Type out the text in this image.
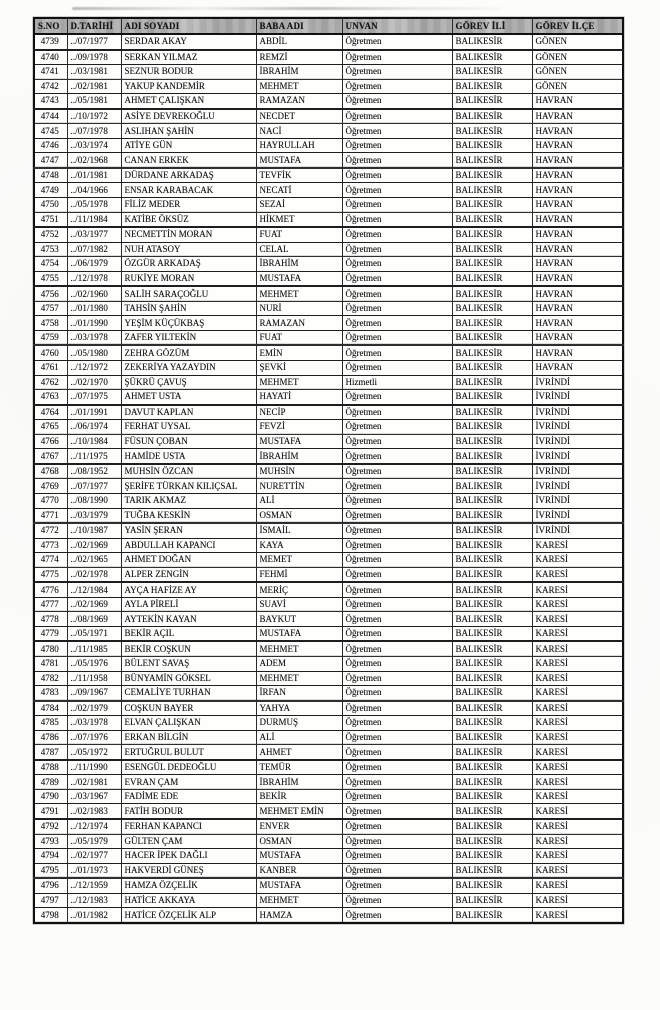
S.NO	D.TARİHİ	ADI SOYADI	BABA ADI	UNVAN	GÖREV İLİ	GÖREV İLÇE
4739	../07/1977	SERDAR AKAY	ABDİL	Öğretmen	BALIKESİR	GÖNEN
4740	../09/1978	SERKAN YILMAZ	REMZİ	Öğretmen	BALIKESİR	GÖNEN
4741	../03/1981	SEZNUR BODUR	İBRAHİM	Öğretmen	BALIKESİR	GÖNEN
4742	../02/1981	YAKUP KANDEMİR	MEHMET	Öğretmen	BALIKESİR	GÖNEN
4743	../05/1981	AHMET ÇALIŞKAN	RAMAZAN	Öğretmen	BALIKESİR	HAVRAN
4744	../10/1972	ASİYE DEVREKOĞLU	NECDET	Öğretmen	BALIKESİR	HAVRAN
4745	../07/1978	ASLIHAN ŞAHİN	NACİ	Öğretmen	BALIKESİR	HAVRAN
4746	../03/1974	ATİYE GÜN	HAYRULLAH	Öğretmen	BALIKESİR	HAVRAN
4747	../02/1968	CANAN ERKEK	MUSTAFA	Öğretmen	BALIKESİR	HAVRAN
4748	../01/1981	DÜRDANE ARKADAŞ	TEVFİK	Öğretmen	BALIKESİR	HAVRAN
4749	../04/1966	ENSAR KARABACAK	NECATİ	Öğretmen	BALIKESİR	HAVRAN
4750	../05/1978	FİLİZ MEDER	SEZAİ	Öğretmen	BALIKESİR	HAVRAN
4751	../11/1984	KATİBE ÖKSÜZ	HİKMET	Öğretmen	BALIKESİR	HAVRAN
4752	../03/1977	NECMETTİN MORAN	FUAT	Öğretmen	BALIKESİR	HAVRAN
4753	../07/1982	NUH ATASOY	CELAL	Öğretmen	BALIKESİR	HAVRAN
4754	../06/1979	ÖZGÜR ARKADAŞ	İBRAHİM	Öğretmen	BALIKESİR	HAVRAN
4755	../12/1978	RUKİYE MORAN	MUSTAFA	Öğretmen	BALIKESİR	HAVRAN
4756	../02/1960	SALİH SARAÇOĞLU	MEHMET	Öğretmen	BALIKESİR	HAVRAN
4757	../01/1980	TAHSİN ŞAHİN	NURİ	Öğretmen	BALIKESİR	HAVRAN
4758	../01/1990	YEŞİM KÜÇÜKBAŞ	RAMAZAN	Öğretmen	BALIKESİR	HAVRAN
4759	../03/1978	ZAFER YILTEKİN	FUAT	Öğretmen	BALIKESİR	HAVRAN
4760	../05/1980	ZEHRA GÖZÜM	EMİN	Öğretmen	BALIKESİR	HAVRAN
4761	../12/1972	ZEKERİYA YAZAYDIN	ŞEVKİ	Öğretmen	BALIKESİR	HAVRAN
4762	../02/1970	ŞÜKRÜ ÇAVUŞ	MEHMET	Hizmetli	BALIKESİR	İVRİNDİ
4763	../07/1975	AHMET USTA	HAYATİ	Öğretmen	BALIKESİR	İVRİNDİ
4764	../01/1991	DAVUT KAPLAN	NECİP	Öğretmen	BALIKESİR	İVRİNDİ
4765	../06/1974	FERHAT UYSAL	FEVZİ	Öğretmen	BALIKESİR	İVRİNDİ
4766	../10/1984	FÜSUN ÇOBAN	MUSTAFA	Öğretmen	BALIKESİR	İVRİNDİ
4767	../11/1975	HAMİDE USTA	İBRAHİM	Öğretmen	BALIKESİR	İVRİNDİ
4768	../08/1952	MUHSİN ÖZCAN	MUHSİN	Öğretmen	BALIKESİR	İVRİNDİ
4769	../07/1977	ŞERİFE TÜRKAN KILIÇSAL	NURETTİN	Öğretmen	BALIKESİR	İVRİNDİ
4770	../08/1990	TARIK AKMAZ	ALİ	Öğretmen	BALIKESİR	İVRİNDİ
4771	../03/1979	TUĞBA KESKİN	OSMAN	Öğretmen	BALIKESİR	İVRİNDİ
4772	../10/1987	YASİN ŞERAN	İSMAİL	Öğretmen	BALIKESİR	İVRİNDİ
4773	../02/1969	ABDULLAH KAPANCI	KAYA	Öğretmen	BALIKESİR	KARESİ
4774	../02/1965	AHMET DOĞAN	MEMET	Öğretmen	BALIKESİR	KARESİ
4775	../02/1978	ALPER ZENGİN	FEHMİ	Öğretmen	BALIKESİR	KARESİ
4776	../12/1984	AYÇA HAFİZE AY	MERİÇ	Öğretmen	BALIKESİR	KARESİ
4777	../02/1969	AYLA PİRELİ	SUAVİ	Öğretmen	BALIKESİR	KARESİ
4778	../08/1969	AYTEKİN KAYAN	BAYKUT	Öğretmen	BALIKESİR	KARESİ
4779	../05/1971	BEKİR AÇIL	MUSTAFA	Öğretmen	BALIKESİR	KARESİ
4780	../11/1985	BEKİR COŞKUN	MEHMET	Öğretmen	BALIKESİR	KARESİ
4781	../05/1976	BÜLENT SAVAŞ	ADEM	Öğretmen	BALIKESİR	KARESİ
4782	../11/1958	BÜNYAMİN GÖKSEL	MEHMET	Öğretmen	BALIKESİR	KARESİ
4783	../09/1967	CEMALİYE TURHAN	İRFAN	Öğretmen	BALIKESİR	KARESİ
4784	../02/1979	COŞKUN BAYER	YAHYA	Öğretmen	BALIKESİR	KARESİ
4785	../03/1978	ELVAN ÇALIŞKAN	DURMUŞ	Öğretmen	BALIKESİR	KARESİ
4786	../07/1976	ERKAN BİLGİN	ALİ	Öğretmen	BALIKESİR	KARESİ
4787	../05/1972	ERTUĞRUL BULUT	AHMET	Öğretmen	BALIKESİR	KARESİ
4788	../11/1990	ESENGÜL DEDEOĞLU	TEMÜR	Öğretmen	BALIKESİR	KARESİ
4789	../02/1981	EVRAN ÇAM	İBRAHİM	Öğretmen	BALIKESİR	KARESİ
4790	../03/1967	FADİME EDE	BEKİR	Öğretmen	BALIKESİR	KARESİ
4791	../02/1983	FATİH BODUR	MEHMET EMİN	Öğretmen	BALIKESİR	KARESİ
4792	../12/1974	FERHAN KAPANCI	ENVER	Öğretmen	BALIKESİR	KARESİ
4793	../05/1979	GÜLTEN ÇAM	OSMAN	Öğretmen	BALIKESİR	KARESİ
4794	../02/1977	HACER İPEK DAĞLI	MUSTAFA	Öğretmen	BALIKESİR	KARESİ
4795	../01/1973	HAKVERDİ GÜNEŞ	KANBER	Öğretmen	BALIKESİR	KARESİ
4796	../12/1959	HAMZA ÖZÇELİK	MUSTAFA	Öğretmen	BALIKESİR	KARESİ
4797	../12/1983	HATİCE AKKAYA	MEHMET	Öğretmen	BALIKESİR	KARESİ
4798	../01/1982	HATİCE ÖZÇELİK ALP	HAMZA	Öğretmen	BALIKESİR	KARESİ
